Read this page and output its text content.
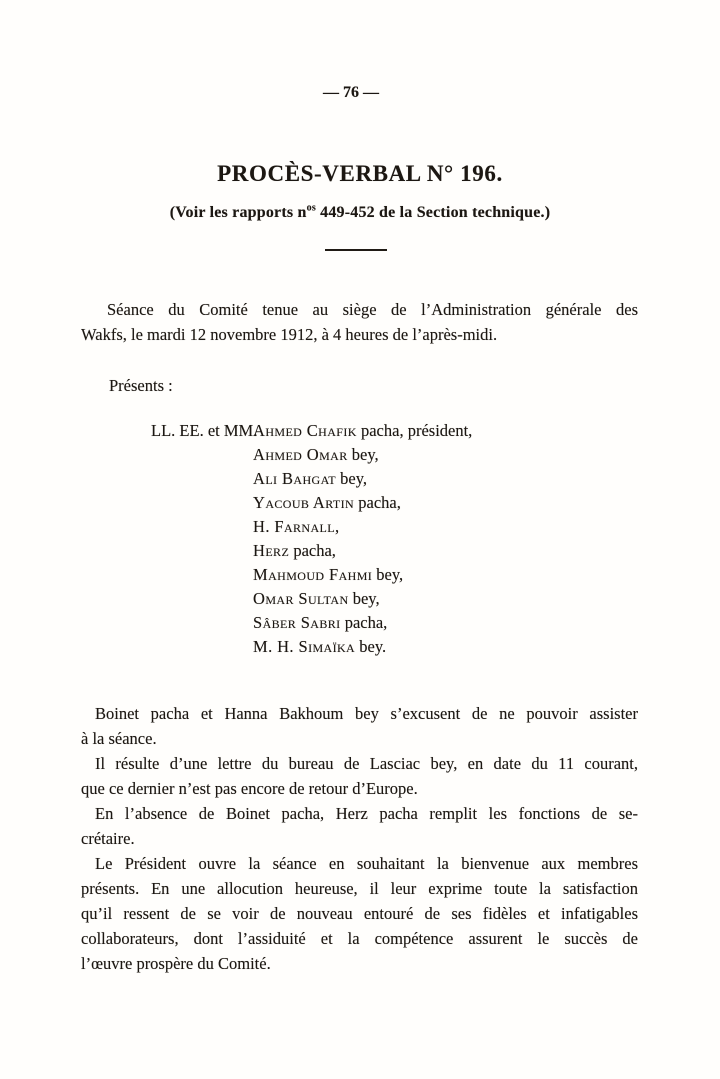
— 76 —
PROCÈS-VERBAL N° 196.
(Voir les rapports $n^{os}$ 449-452 de la Section technique.)
Séance du Comité tenue au siège de l’Administration générale des
Wakfs, le mardi 12 novembre 1912, à 4 heures de l’après-midi.
Présents :
LL. EE. et MM.
Ahmed Chafik pacha, président,
Ahmed Omar bey,
Ali Bahgat bey,
Yacoub Artin pacha,
H. Farnall,
Herz pacha,
Mahmoud Fahmi bey,
Omar Sultan bey,
Sâber Sabri pacha,
M. H. Simaïka bey.
Boinet pacha et Hanna Bakhoum bey s’excusent de ne pouvoir assister
à la séance.
Il résulte d’une lettre du bureau de Lasciac bey, en date du 11 courant,
que ce dernier n’est pas encore de retour d’Europe.
En l’absence de Boinet pacha, Herz pacha remplit les fonctions de se-
crétaire.
Le Président ouvre la séance en souhaitant la bienvenue aux membres
présents. En une allocution heureuse, il leur exprime toute la satisfaction
qu’il ressent de se voir de nouveau entouré de ses fidèles et infatigables
collaborateurs, dont l’assiduité et la compétence assurent le succès de
l’œuvre prospère du Comité.
